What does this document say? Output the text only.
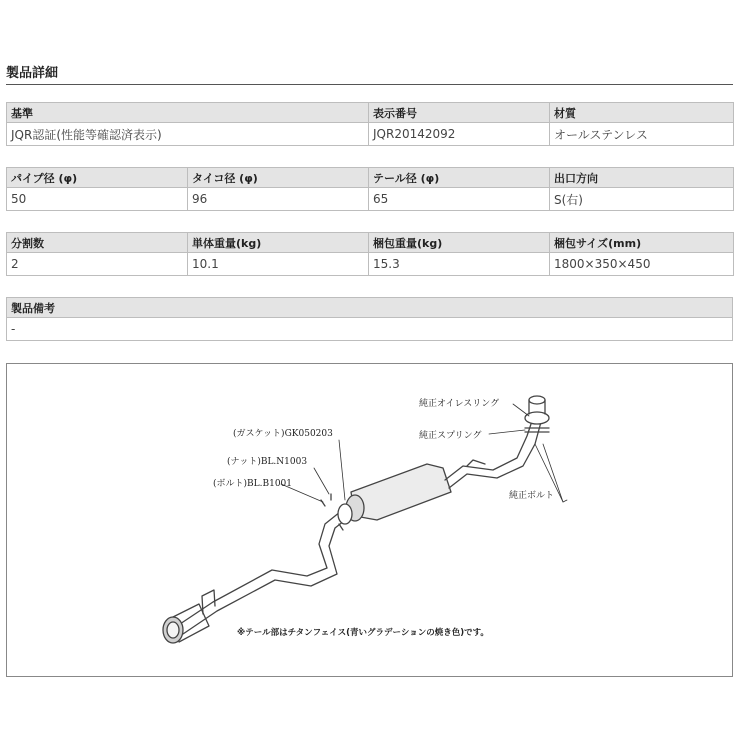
製品詳細
基準	表示番号	材質
JQR認証(性能等確認済表示)	JQR20142092	オールステンレス
パイプ径 (φ)	タイコ径 (φ)	テール径 (φ)	出口方向
50	96	65	S(右)
分割数	単体重量(kg)	梱包重量(kg)	梱包サイズ(mm)
2	10.1	15.3	1800×350×450
製品備考
-
(ガスケット)GK050203
(ナット)BL.N1003
(ボルト)BL.B1001
純正オイレスリング
純正スプリング
純正ボルト
※テール部はチタンフェイス(青いグラデーションの焼き色)です。
